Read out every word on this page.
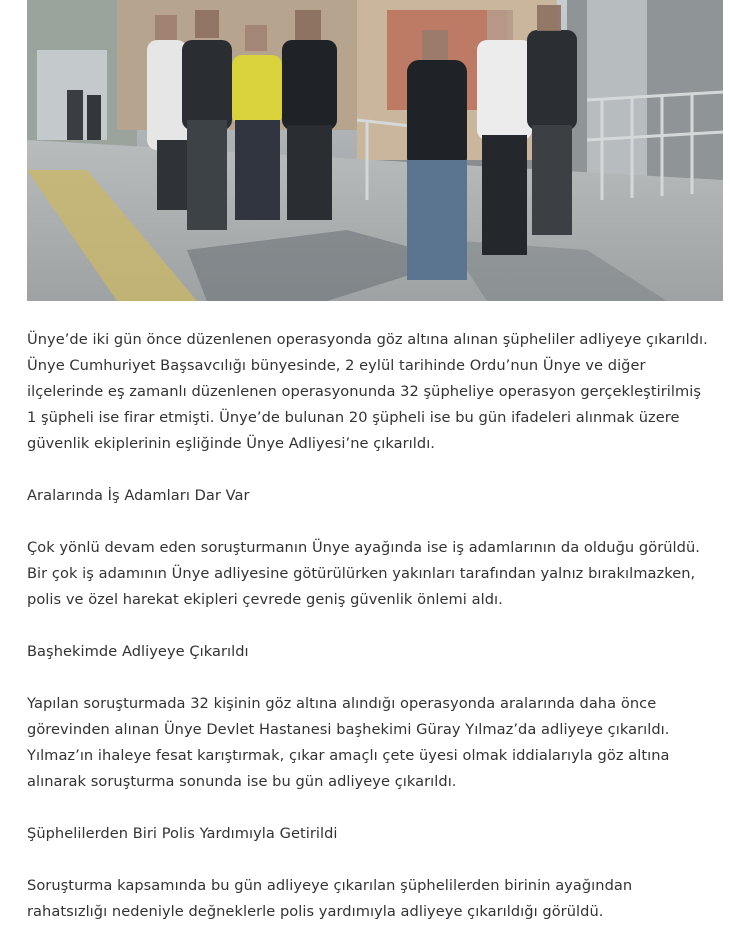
Ünye’de iki gün önce düzenlenen operasyonda göz altına alınan şüpheliler adliyeye çıkarıldı.
Ünye Cumhuriyet Başsavcılığı bünyesinde, 2 eylül tarihinde Ordu’nun Ünye ve diğer
ilçelerinde eş zamanlı düzenlenen operasyonunda 32 şüpheliye operasyon gerçekleştirilmiş
1 şüpheli ise firar etmişti. Ünye’de bulunan 20 şüpheli ise bu gün ifadeleri alınmak üzere
güvenlik ekiplerinin eşliğinde Ünye Adliyesi’ne çıkarıldı.

Aralarında İş Adamları Dar Var

Çok yönlü devam eden soruşturmanın Ünye ayağında ise iş adamlarının da olduğu görüldü.
Bir çok iş adamının Ünye adliyesine götürülürken yakınları tarafından yalnız bırakılmazken,
polis ve özel harekat ekipleri çevrede geniş güvenlik önlemi aldı.

Başhekimde Adliyeye Çıkarıldı

Yapılan soruşturmada 32 kişinin göz altına alındığı operasyonda aralarında daha önce
görevinden alınan Ünye Devlet Hastanesi başhekimi Güray Yılmaz’da adliyeye çıkarıldı.
Yılmaz’ın ihaleye fesat karıştırmak, çıkar amaçlı çete üyesi olmak iddialarıyla göz altına
alınarak soruşturma sonunda ise bu gün adliyeye çıkarıldı.

Şüphelilerden Biri Polis Yardımıyla Getirildi

Soruşturma kapsamında bu gün adliyeye çıkarılan şüphelilerden birinin ayağından
rahatsızlığı nedeniyle değneklerle polis yardımıyla adliyeye çıkarıldığı görüldü.
